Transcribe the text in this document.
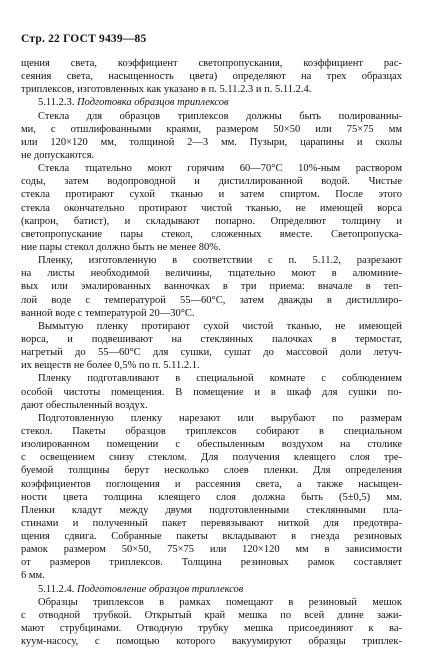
Стр. 22 ГОСТ 9439—85
щения света, коэффициент светопропускания, коэффициент рас-
сеяния света, насыщенность цвета) определяют на трех образцах
триплексов, изготовленных как указано в п. 5.11.2.3 и п. 5.11.2.4.
5.11.2.3. Подготовка образцов триплексов
Стекла для образцов триплексов должны быть полированны-
ми, с отшлифованными краями, размером 50×50 или 75×75 мм
или 120×120 мм, толщиной 2—3 мм. Пузыри, царапины и сколы
не допускаются.
Стекла тщательно моют горячим 60—70°С 10%-ным раствором
соды, затем водопроводной и дистиллированной водой. Чистые
стекла протирают сухой тканью и затем спиртом. После этого
стекла окончательно протирают чистой тканью, не имеющей ворса
(капрон, батист), и складывают попарно. Определяют толщину и
светопропускание пары стекол, сложенных вместе. Светопропуска-
ние пары стекол должно быть не менее 80%.
Пленку, изготовленную в соответствии с п. 5.11.2, разрезают
на листы необходимой величины, тщательно моют в алюминие-
вых или эмалированных ванночках в три приема: вначале в теп-
лой воде с температурой 55—60°С, затем дважды в дистиллиро-
ванной воде с температурой 20—30°С.
Вымытую пленку протирают сухой чистой тканью, не имеющей
ворса, и подвешивают на стеклянных палочках в термостат,
нагретый до 55—60°С для сушки, сушат до массовой доли летуч-
их веществ не более 0,5% по п. 5.11.2.1.
Пленку подготавливают в специальной комнате с соблюдением
особой чистоты помещения. В помещение и в шкаф для сушки по-
дают обеспыленный воздух.
Подготовленную пленку нарезают или вырубают по размерам
стекол. Пакеты образцов триплексов собирают в специальном
изолированном помещении с обеспыленным воздухом на столике
с освещением снизу стеклом. Для получения клеящего слоя тре-
буемой толщины берут несколько слоев пленки. Для определения
коэффициентов поглощения и рассеяния света, а также насыщен-
ности цвета толщина клеящего слоя должна быть (5±0,5) мм.
Пленки кладут между двумя подготовленными стеклянными пла-
стинами и полученный пакет перевязывают ниткой для предотвра-
щения сдвига. Собранные пакеты вкладывают в гнезда резиновых
рамок размером 50×50, 75×75 или 120×120 мм в зависимости
от размеров триплексов. Толщина резиновых рамок составляет
6 мм.
5.11.2.4. Подготовление образцов триплексов
Образцы триплексов в рамках помещают в резиновый мешок
с отводной трубкой. Открытый край мешка по всей длине зажи-
мают струбцинами. Отводную трубку мешка присоединяют к ва-
куум-насосу, с помощью которого вакуумируют образцы триплек-
